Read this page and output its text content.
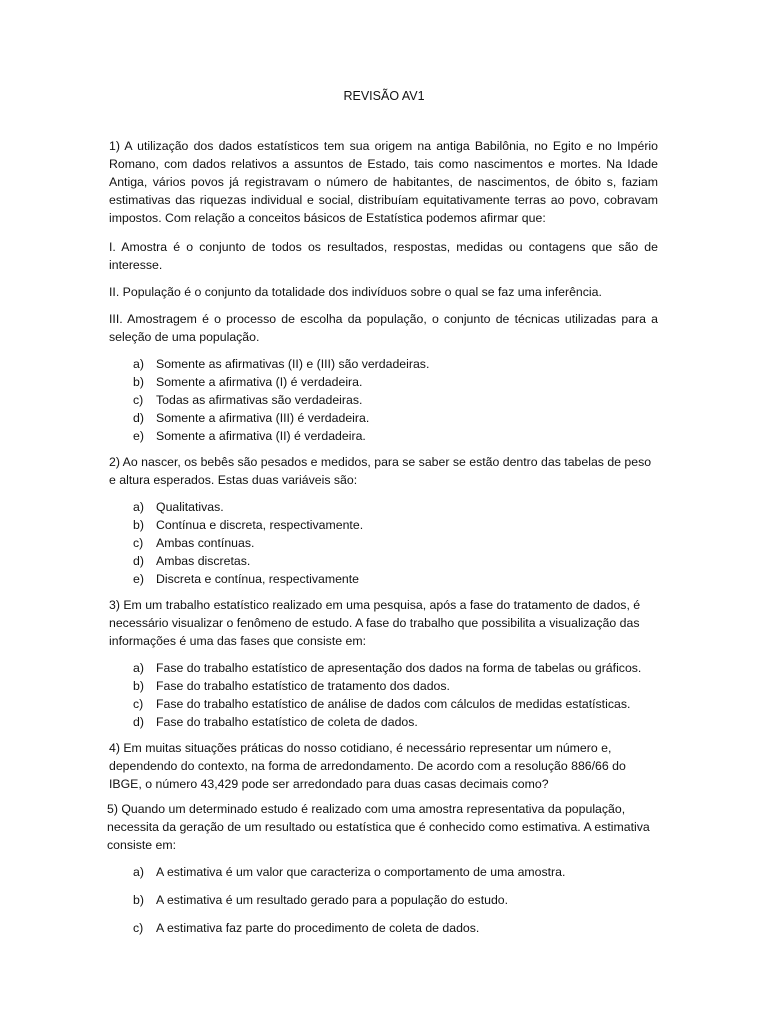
REVISÃO AV1

1) A utilização dos dados estatísticos tem sua origem na antiga Babilônia, no Egito e no Império Romano, com dados relativos a assuntos de Estado, tais como nascimentos e mortes. Na Idade Antiga, vários povos já registravam o número de habitantes, de nascimentos, de óbito s, faziam estimativas das riquezas individual e social, distribuíam equitativamente terras ao povo, cobravam impostos. Com relação a conceitos básicos de Estatística podemos afirmar que:

I. Amostra é o conjunto de todos os resultados, respostas, medidas ou contagens que são de interesse.

II. População é o conjunto da totalidade dos indivíduos sobre o qual se faz uma inferência.

III. Amostragem é o processo de escolha da população, o conjunto de técnicas utilizadas para a seleção de uma população.

a) Somente as afirmativas (II) e (III) são verdadeiras.
b) Somente a afirmativa (I) é verdadeira.
c)	Todas as afirmativas são verdadeiras.
d) Somente a afirmativa (III) é verdadeira.
e) Somente a afirmativa (II) é verdadeira.

2) Ao nascer, os bebês são pesados e medidos, para se saber se estão dentro das tabelas de peso e altura esperados. Estas duas variáveis são:

a) Qualitativas.
b) Contínua e discreta, respectivamente.
c)	Ambas contínuas.
d) Ambas discretas.
e) Discreta e contínua, respectivamente

3) Em um trabalho estatístico realizado em uma pesquisa, após a fase do tratamento de dados, é necessário visualizar o fenômeno de estudo. A fase do trabalho que possibilita a visualização das informações é uma das fases que consiste em:

a) Fase do trabalho estatístico de apresentação dos dados na forma de tabelas ou gráficos.
b) Fase do trabalho estatístico de tratamento dos dados.
c)	Fase do trabalho estatístico de análise de dados com cálculos de medidas estatísticas.
d) Fase do trabalho estatístico de coleta de dados.

4) Em muitas situações práticas do nosso cotidiano, é necessário representar um número e, dependendo do contexto, na forma de arredondamento. De acordo com a resolução 886/66 do IBGE, o número 43,429 pode ser arredondado para duas casas decimais como?

5) Quando um determinado estudo é realizado com uma amostra representativa da população, necessita da geração de um resultado ou estatística que é conhecido como estimativa. A estimativa consiste em:

a) A estimativa é um valor que caracteriza o comportamento de uma amostra.
b) A estimativa é um resultado gerado para a população do estudo.
c)	A estimativa faz parte do procedimento de coleta de dados.
